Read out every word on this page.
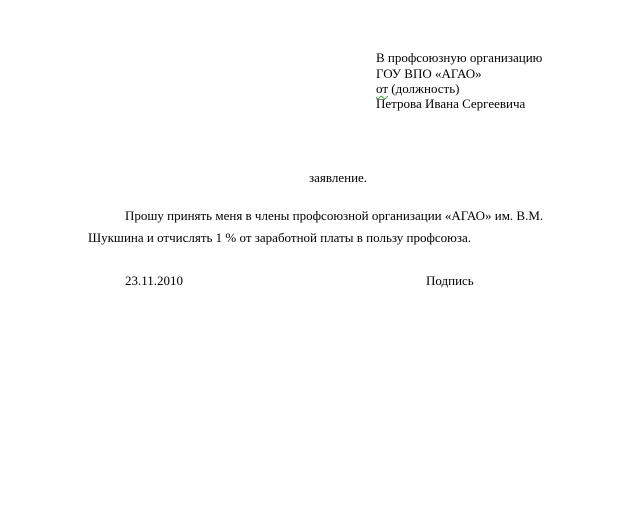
В профсоюзную организацию
ГОУ ВПО «АГАО»
от (должность)
Петрова Ивана Сергеевича
заявление.
Прошу принять меня в члены профсоюзной организации «АГАО» им. В.М.
Шукшина и отчислять 1 % от заработной платы в пользу профсоюза.
23.11.2010	Подпись
